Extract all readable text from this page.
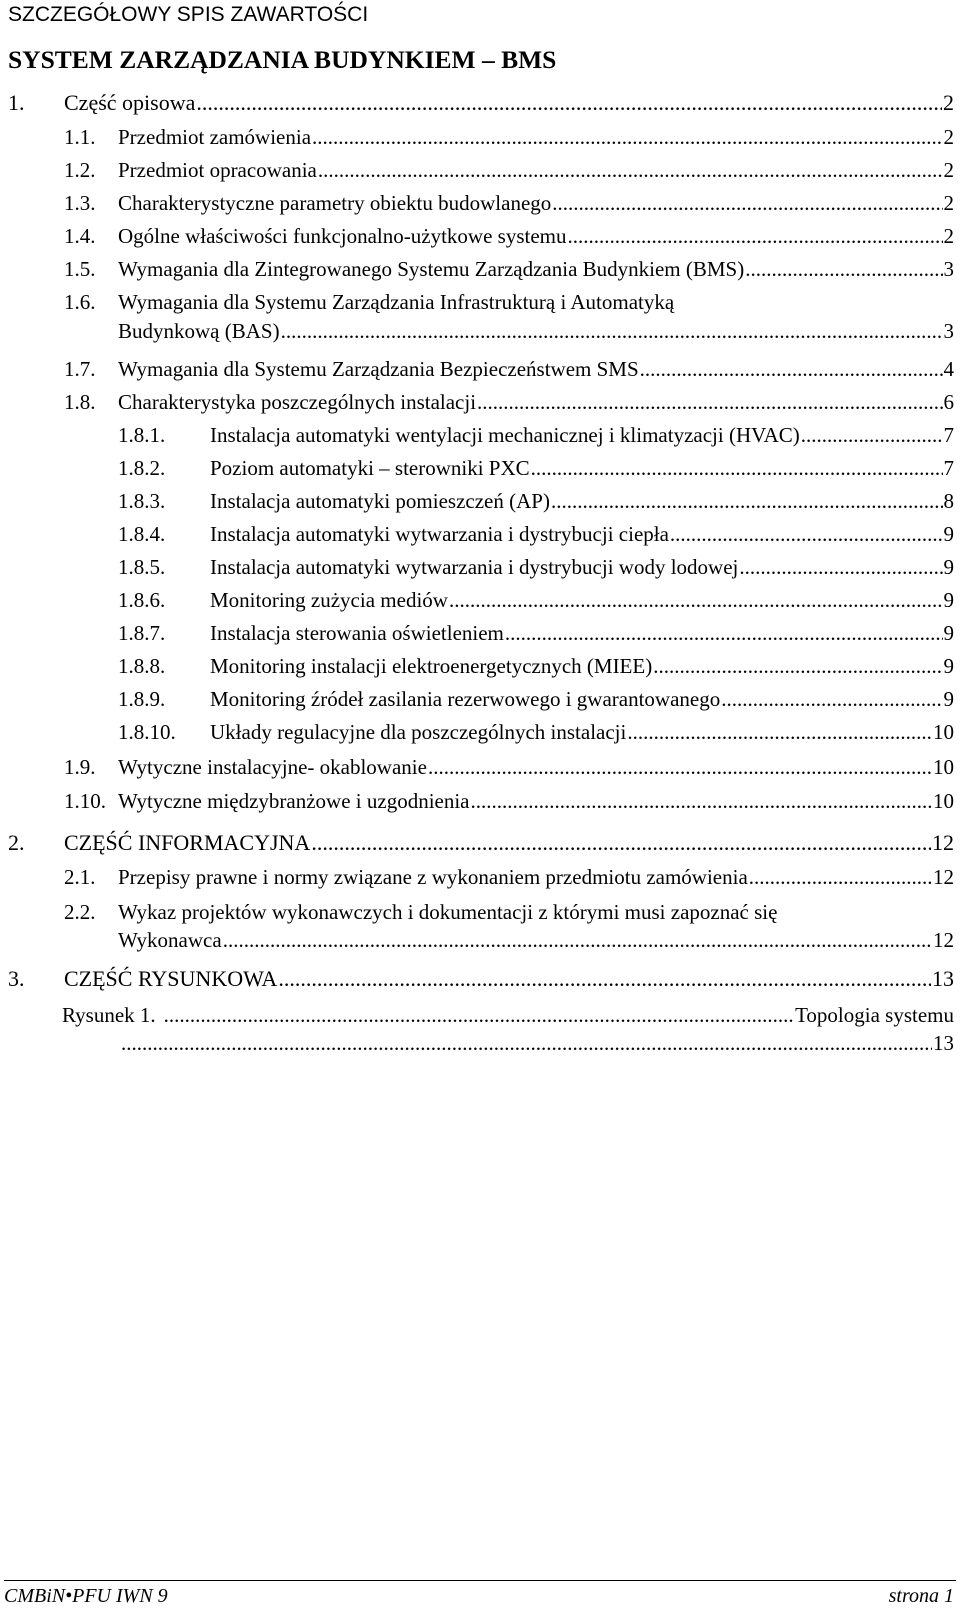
SZCZEGÓŁOWY SPIS ZAWARTOŚCI
SYSTEM ZARZĄDZANIA BUDYNKIEM – BMS
1.	Część opisowa .....	2
1.1.	Przedmiot zamówienia .....	2
1.2.	Przedmiot opracowania .....	2
1.3.	Charakterystyczne parametry obiektu budowlanego .....	2
1.4.	Ogólne właściwości funkcjonalno-użytkowe systemu .....	2
1.5.	Wymagania dla Zintegrowanego Systemu Zarządzania Budynkiem (BMS) .....	3
1.6. Wymagania dla Systemu Zarządzania Infrastrukturą i Automatyką
Budynkową (BAS) .....	3
1.7.	Wymagania dla Systemu Zarządzania Bezpieczeństwem SMS .....	4
1.8.	Charakterystyka poszczególnych instalacji .....	6
1.8.1.	Instalacja automatyki wentylacji mechanicznej i klimatyzacji (HVAC) .....	7
1.8.2.	Poziom automatyki – sterowniki PXC .....	7
1.8.3.	Instalacja automatyki pomieszczeń (AP) .....	8
1.8.4.	Instalacja automatyki wytwarzania i dystrybucji ciepła .....	9
1.8.5.	Instalacja automatyki wytwarzania i dystrybucji wody lodowej .....	9
1.8.6.	Monitoring zużycia mediów .....	9
1.8.7.	Instalacja sterowania oświetleniem .....	9
1.8.8.	Monitoring instalacji elektroenergetycznych (MIEE) .....	9
1.8.9.	Monitoring źródeł zasilania rezerwowego i gwarantowanego .....	9
1.8.10.	Układy regulacyjne dla poszczególnych instalacji .....	10
1.9.	Wytyczne instalacyjne- okablowanie .....	10
1.10. Wytyczne międzybranżowe i uzgodnienia .....	10
2.	CZĘŚĆ INFORMACYJNA .....	12
2.1.	Przepisy prawne i normy związane z wykonaniem przedmiotu zamówienia .....	12
2.2. Wykaz projektów wykonawczych i dokumentacji z którymi musi zapoznać się
Wykonawca .....	12
3.	CZĘŚĆ RYSUNKOWA .....	13
Rysunek 1. .....	Topologia systemu
.....
13
CMBiN•PFU IWN 9	strona 1
